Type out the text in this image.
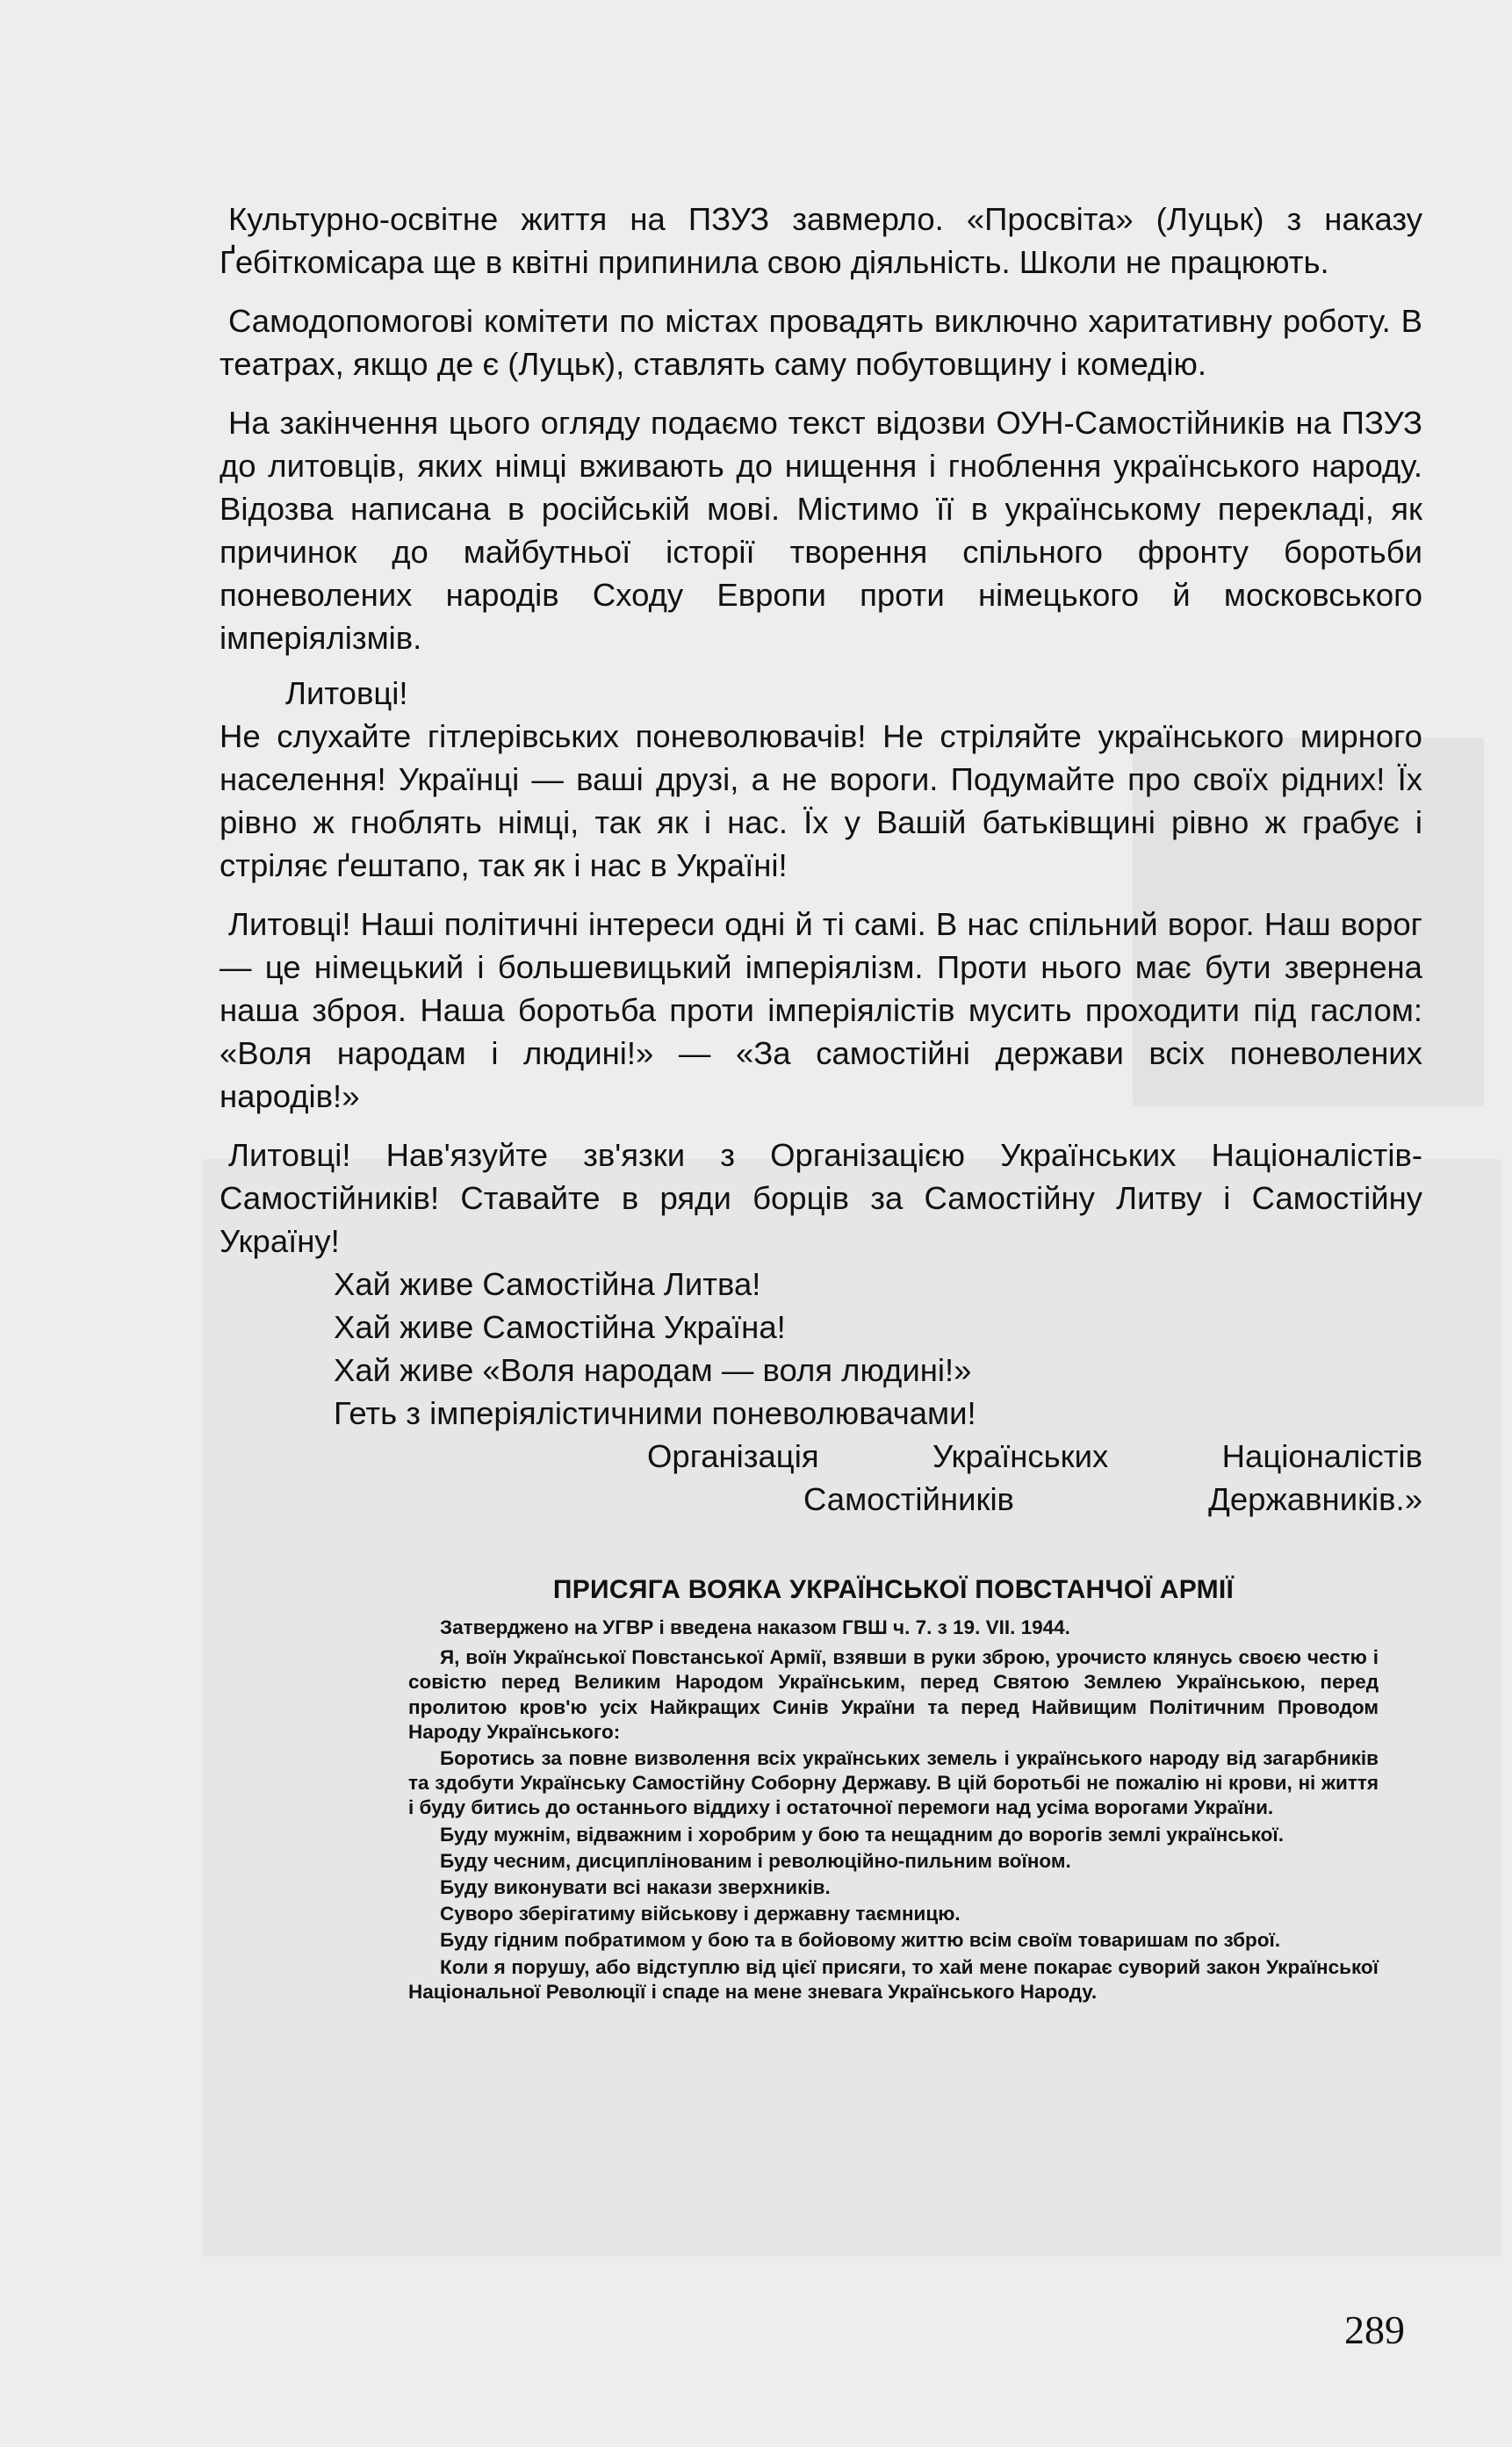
Культурно-освітне життя на ПЗУЗ завмерло. «Просвіта» (Луцьк) з наказу Ґебіткомісара ще в квітні припинила свою діяльність. Школи не працюють.

Самодопомогові комітети по містах провадять виключно харитативну роботу. В театрах, якщо де є (Луцьк), ставлять саму побутовщину і комедію.

На закінчення цього огляду подаємо текст відозви ОУН-Самостійників на ПЗУЗ до литовців, яких німці вживають до нищення і гноблення українського народу. Відозва написана в російській мові. Містимо її в українському перекладі, як причинок до майбутньої історії творення спільного фронту боротьби поневолених народів Сходу Европи проти німецького й московського імперіялізмів.

Литовці!

Не слухайте гітлерівських поневолювачів! Не стріляйте українського мирного населення! Українці — ваші друзі, а не вороги. Подумайте про своїх рідних! Їх рівно ж гноблять німці, так як і нас. Їх у Вашій батьківщині рівно ж грабує і стріляє ґештапо, так як і нас в Україні!

Литовці! Наші політичні інтереси одні й ті самі. В нас спільний ворог. Наш ворог — це німецький і большевицький імперіялізм. Проти нього має бути звернена наша зброя. Наша боротьба проти імперіялістів мусить проходити під гаслом: «Воля народам і людині!» — «За самостійні держави всіх поневолених народів!»

Литовці! Нав'язуйте зв'язки з Організацією Українських Націоналістів-Самостійників! Ставайте в ряди борців за Самостійну Литву і Самостійну Україну!

Хай живе Самостійна Литва!
Хай живе Самостійна Україна!
Хай живе «Воля народам — воля людині!»
Геть з імперіялістичними поневолювачами!
Організація	Українських	Націоналістів
Самостійників	Державників.»
ПРИСЯГА ВОЯКА УКРАЇНСЬКОЇ ПОВСТАНЧОЇ АРМІЇ

Затверджено на УГВР і введена наказом ГВШ ч. 7. з 19. VII. 1944.

Я, воїн Української Повстанської Армії, взявши в руки зброю, урочисто клянусь своєю честю і совістю перед Великим Народом Українським, перед Святою Землею Українською, перед пролитою кров'ю усіх Найкращих Синів України та перед Найвищим Політичним Проводом Народу Українського:

Боротись за повне визволення всіх українських земель і українського народу від загарбників та здобути Українську Самостійну Соборну Державу. В цій боротьбі не пожалію ні крови, ні життя і буду битись до останнього віддиху і остаточної перемоги над усіма ворогами України.

Буду мужнім, відважним і хоробрим у бою та нещадним до ворогів землі української.

Буду чесним, дисциплінованим і революційно-пильним воїном.

Буду виконувати всі накази зверхників.

Суворо зберігатиму військову і державну таємницю.

Буду гідним побратимом у бою та в бойовому життю всім своїм товаришам по зброї.

Коли я порушу, або відступлю від цієї присяги, то хай мене покарає суворий закон Української Національної Революції і спаде на мене зневага Українського Народу.

289
